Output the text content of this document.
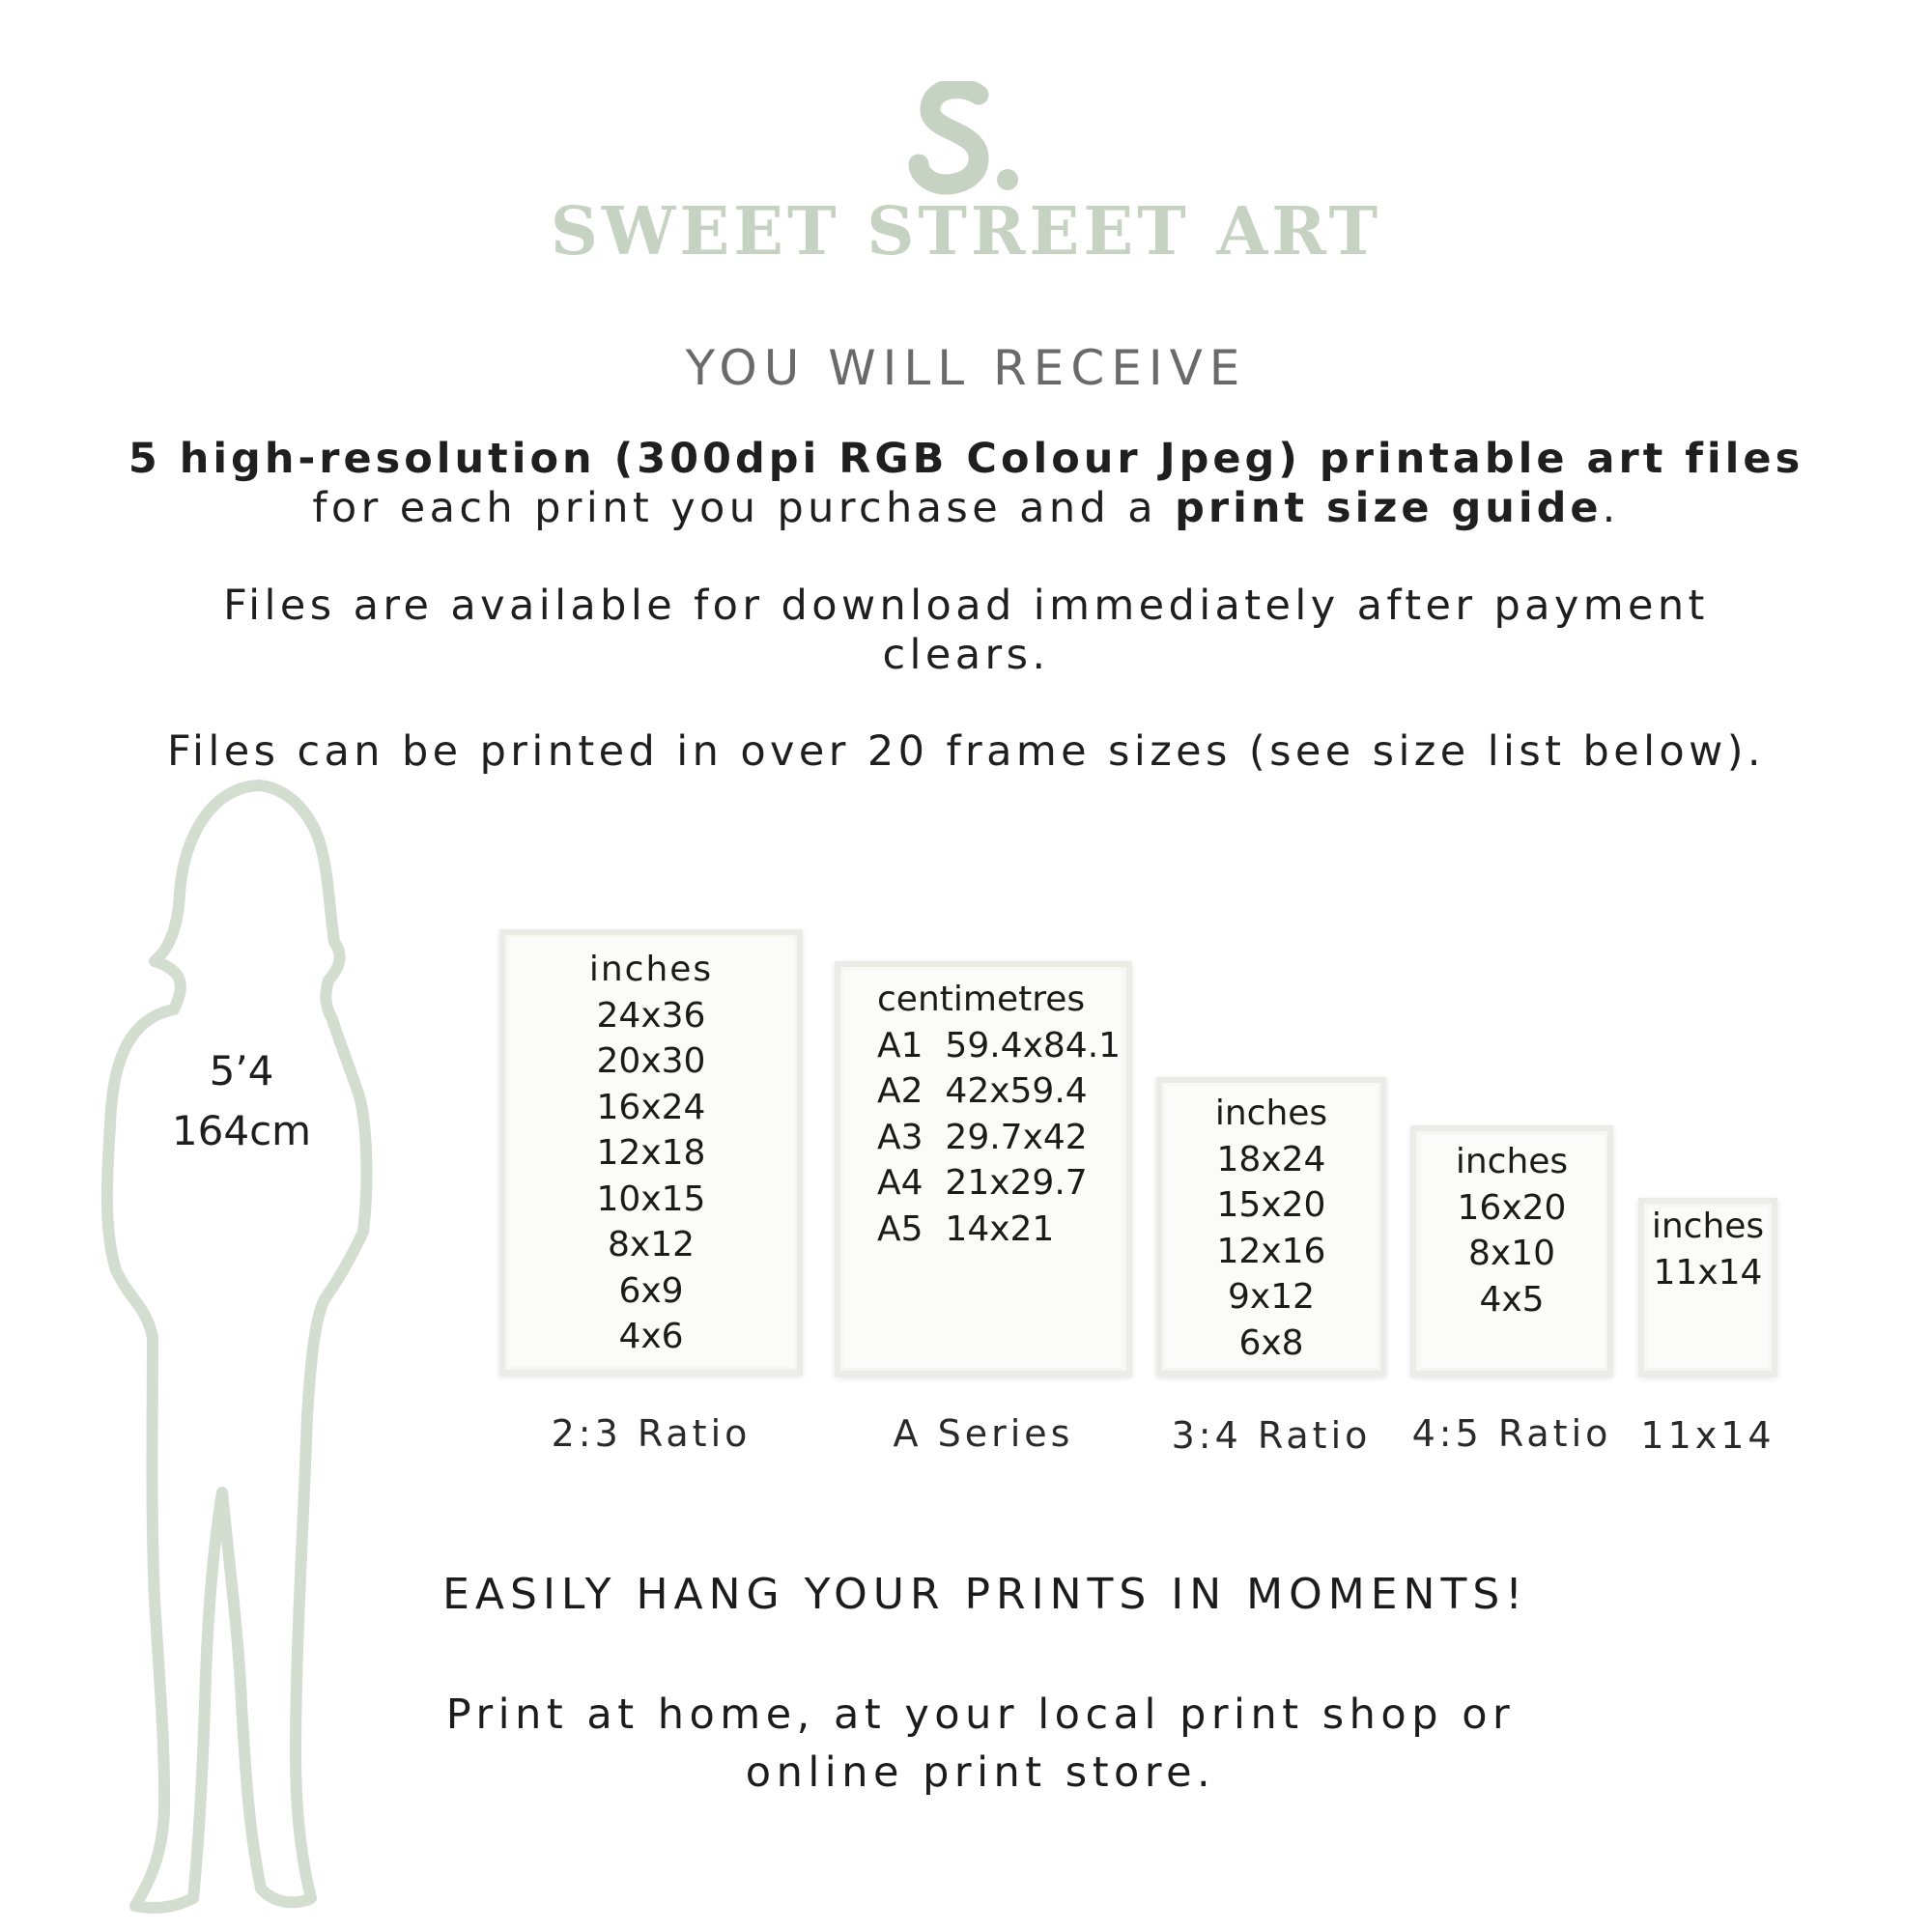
SWEET STREET ART
YOU WILL RECEIVE
5 high-resolution (300dpi RGB Colour Jpeg) printable art files for each print you purchase and a print size guide.
Files are available for download immediately after payment clears.
Files can be printed in over 20 frame sizes (see size list below).
5’4
164cm
inches
24x36
20x30
16x24
12x18
10x15
8x12
6x9
4x6
2:3 Ratio
centimetres
A1  59.4x84.1
A2  42x59.4
A3  29.7x42
A4  21x29.7
A5  14x21
A Series
inches
18x24
15x20
12x16
9x12
6x8
3:4 Ratio
inches
16x20
8x10
4x5
4:5 Ratio
inches
11x14
11x14
EASILY HANG YOUR PRINTS IN MOMENTS!
Print at home, at your local print shop or online print store.
